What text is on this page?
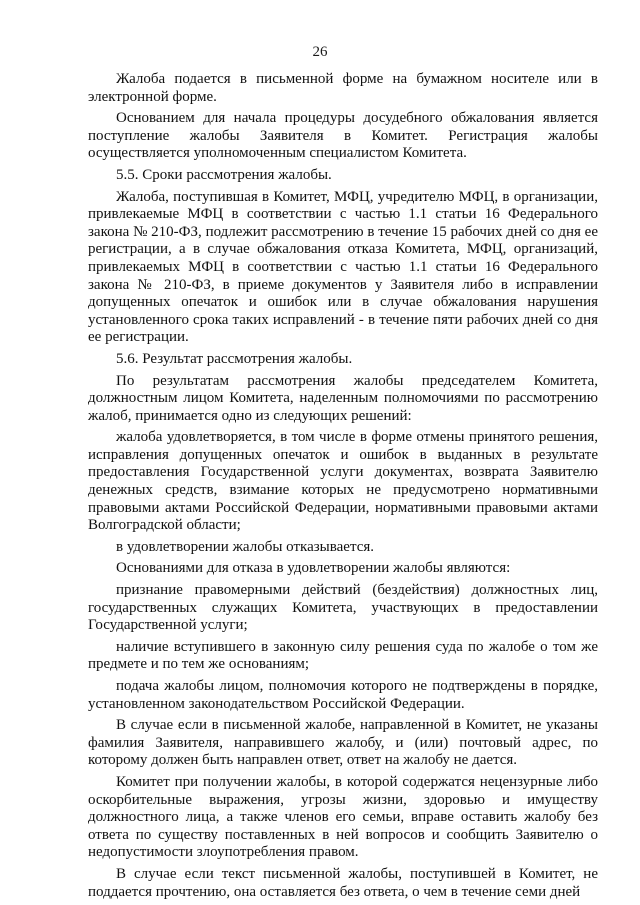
26

Жалоба подается в письменной форме на бумажном носителе или в электронной форме.

Основанием для начала процедуры досудебного обжалования является поступление жалобы Заявителя в Комитет. Регистрация жалобы осуществляется уполномоченным специалистом Комитета.

5.5. Сроки рассмотрения жалобы.

Жалоба, поступившая в Комитет, МФЦ, учредителю МФЦ, в организации, привлекаемые МФЦ в соответствии с частью 1.1 статьи 16 Федерального закона № 210-ФЗ, подлежит рассмотрению в течение 15 рабочих дней со дня ее регистрации, а в случае обжалования отказа Комитета, МФЦ, организаций, привлекаемых МФЦ в соответствии с частью 1.1 статьи 16 Федерального закона № 210-ФЗ, в приеме документов у Заявителя либо в исправлении допущенных опечаток и ошибок или в случае обжалования нарушения установленного срока таких исправлений - в течение пяти рабочих дней со дня ее регистрации.

5.6. Результат рассмотрения жалобы.

По результатам рассмотрения жалобы председателем Комитета, должностным лицом Комитета, наделенным полномочиями по рассмотрению жалоб, принимается одно из следующих решений:

жалоба удовлетворяется, в том числе в форме отмены принятого решения, исправления допущенных опечаток и ошибок в выданных в результате предоставления Государственной услуги документах, возврата Заявителю денежных средств, взимание которых не предусмотрено нормативными правовыми актами Российской Федерации, нормативными правовыми актами Волгоградской области;

в удовлетворении жалобы отказывается.

Основаниями для отказа в удовлетворении жалобы являются:

признание правомерными действий (бездействия) должностных лиц, государственных служащих Комитета, участвующих в предоставлении Государственной услуги;

наличие вступившего в законную силу решения суда по жалобе о том же предмете и по тем же основаниям;

подача жалобы лицом, полномочия которого не подтверждены в порядке, установленном законодательством Российской Федерации.

В случае если в письменной жалобе, направленной в Комитет, не указаны фамилия Заявителя, направившего жалобу, и (или) почтовый адрес, по которому должен быть направлен ответ, ответ на жалобу не дается.

Комитет при получении жалобы, в которой содержатся нецензурные либо оскорбительные выражения, угрозы жизни, здоровью и имуществу должностного лица, а также членов его семьи, вправе оставить жалобу без ответа по существу поставленных в ней вопросов и сообщить Заявителю о недопустимости злоупотребления правом.

В случае если текст письменной жалобы, поступившей в Комитет, не поддается прочтению, она оставляется без ответа, о чем в течение семи дней
